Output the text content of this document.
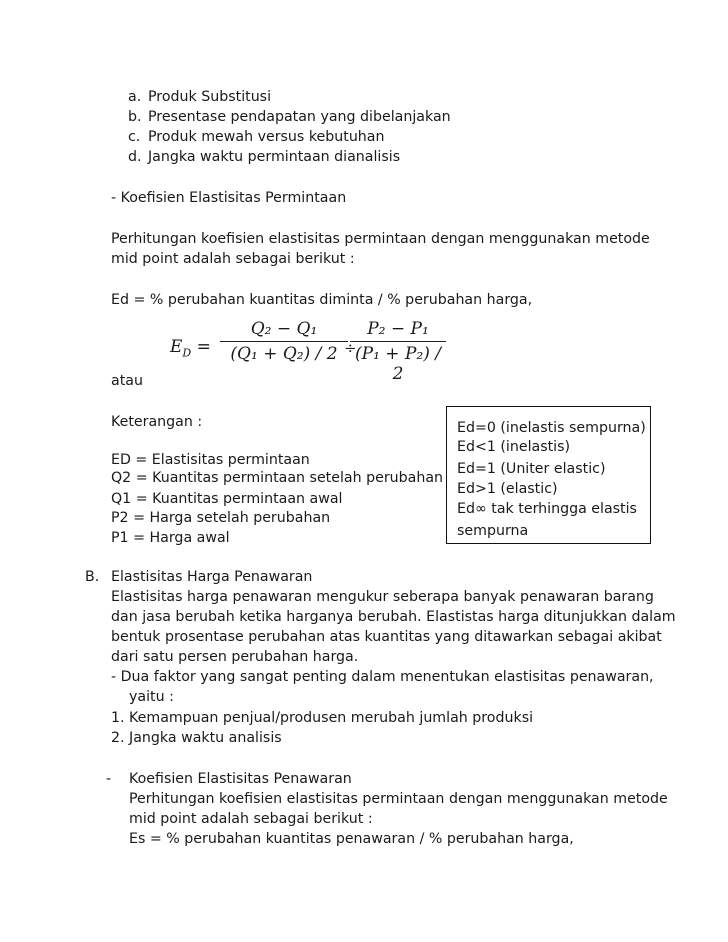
a. Produk Substitusi
b. Presentase pendapatan yang dibelanjakan
c. Produk mewah versus kebutuhan
d. Jangka waktu permintaan dianalisis
- Koefisien Elastisitas Permintaan
Perhitungan koefisien elastisitas permintaan dengan menggunakan metode
mid point adalah sebagai berikut :
Ed = % perubahan kuantitas diminta / % perubahan harga,
$E_D$ =
Q₂ − Q₁
(Q₁ + Q₂) / 2 ÷
P₂ − P₁
(P₁ + P₂) / 2
atau
Keterangan :
ED = Elastisitas permintaan
Q2 = Kuantitas permintaan setelah perubahan
Q1 = Kuantitas permintaan awal
P2 = Harga setelah perubahan
P1 = Harga awal
Ed=0 (inelastis sempurna)
Ed<1 (inelastis)
Ed=1 (Uniter elastic)
Ed>1 (elastic)
Ed∞ tak terhingga elastis
sempurna
B. Elastisitas Harga Penawaran
Elastisitas harga penawaran mengukur seberapa banyak penawaran barang
dan jasa berubah ketika harganya berubah. Elastistas harga ditunjukkan dalam
bentuk prosentase perubahan atas kuantitas yang ditawarkan sebagai akibat
dari satu persen perubahan harga.
- Dua faktor yang sangat penting dalam menentukan elastisitas penawaran,
yaitu :
1. Kemampuan penjual/produsen merubah jumlah produksi
2. Jangka waktu analisis
- Koefisien Elastisitas Penawaran
Perhitungan koefisien elastisitas permintaan dengan menggunakan metode
mid point adalah sebagai berikut :
Es = % perubahan kuantitas penawaran / % perubahan harga,
